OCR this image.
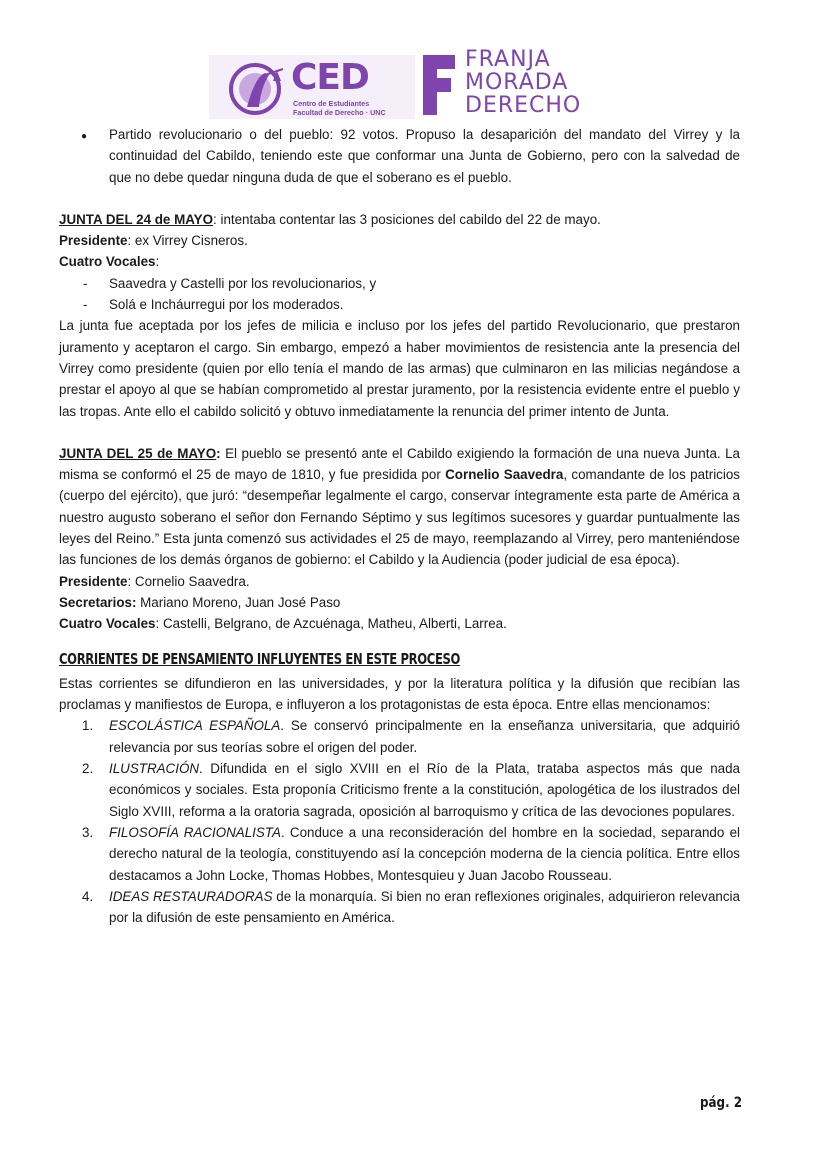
CED
Centro de Estudiantes
Facultad de Derecho · UNC
FRANJA
MORADA
DERECHO
●

Partido revolucionario o del pueblo: 92 votos. Propuso la desaparición del mandato del Virrey y la continuidad del Cabildo, teniendo este que conformar una Junta de Gobierno, pero con la salvedad de que no debe quedar ninguna duda de que el soberano es el pueblo.

JUNTA DEL 24 de MAYO: intentaba contentar las 3 posiciones del cabildo del 22 de mayo.

Presidente: ex Virrey Cisneros.

Cuatro Vocales:

-	Saavedra y Castelli por los revolucionarios, y
-	Solá e Incháurregui por los moderados.

La junta fue aceptada por los jefes de milicia e incluso por los jefes del partido Revolucionario, que prestaron juramento y aceptaron el cargo. Sin embargo, empezó a haber movimientos de resistencia ante la presencia del Virrey como presidente (quien por ello tenía el mando de las armas) que culminaron en las milicias negándose a prestar el apoyo al que se habían comprometido al prestar juramento, por la resistencia evidente entre el pueblo y las tropas. Ante ello el cabildo solicitó y obtuvo inmediatamente la renuncia del primer intento de Junta.

JUNTA DEL 25 de MAYO: El pueblo se presentó ante el Cabildo exigiendo la formación de una nueva Junta. La misma se conformó el 25 de mayo de 1810, y fue presidida por Cornelio Saavedra, comandante de los patricios (cuerpo del ejército), que juró: “desempeñar legalmente el cargo, conservar íntegramente esta parte de América a nuestro augusto soberano el señor don Fernando Séptimo y sus legítimos sucesores y guardar puntualmente las leyes del Reino.” Esta junta comenzó sus actividades el 25 de mayo, reemplazando al Virrey, pero manteniéndose las funciones de los demás órganos de gobierno: el Cabildo y la Audiencia (poder judicial de esa época).

Presidente: Cornelio Saavedra.

Secretarios: Mariano Moreno, Juan José Paso

Cuatro Vocales: Castelli, Belgrano, de Azcuénaga, Matheu, Alberti, Larrea.

CORRIENTES DE PENSAMIENTO INFLUYENTES EN ESTE PROCESO

Estas corrientes se difundieron en las universidades, y por la literatura política y la difusión que recibían las proclamas y manifiestos de Europa, e influyeron a los protagonistas de esta época. Entre ellas mencionamos:

1.	ESCOLÁSTICA ESPAÑOLA. Se conservó principalmente en la enseñanza universitaria, que adquirió relevancia por sus teorías sobre el origen del poder.

2.	ILUSTRACIÓN. Difundida en el siglo XVIII en el Río de la Plata, trataba aspectos más que nada económicos y sociales. Esta proponía Criticismo frente a la constitución, apologética de los ilustrados del Siglo XVIII, reforma a la oratoria sagrada, oposición al barroquismo y crítica de las devociones populares.

3.	FILOSOFÍA RACIONALISTA. Conduce a una reconsideración del hombre en la sociedad, separando el derecho natural de la teología, constituyendo así la concepción moderna de la ciencia política. Entre ellos destacamos a John Locke, Thomas Hobbes, Montesquieu y Juan Jacobo Rousseau.

4.	IDEAS RESTAURADORAS de la monarquía. Si bien no eran reflexiones originales, adquirieron relevancia por la difusión de este pensamiento en América.

pág. 2
